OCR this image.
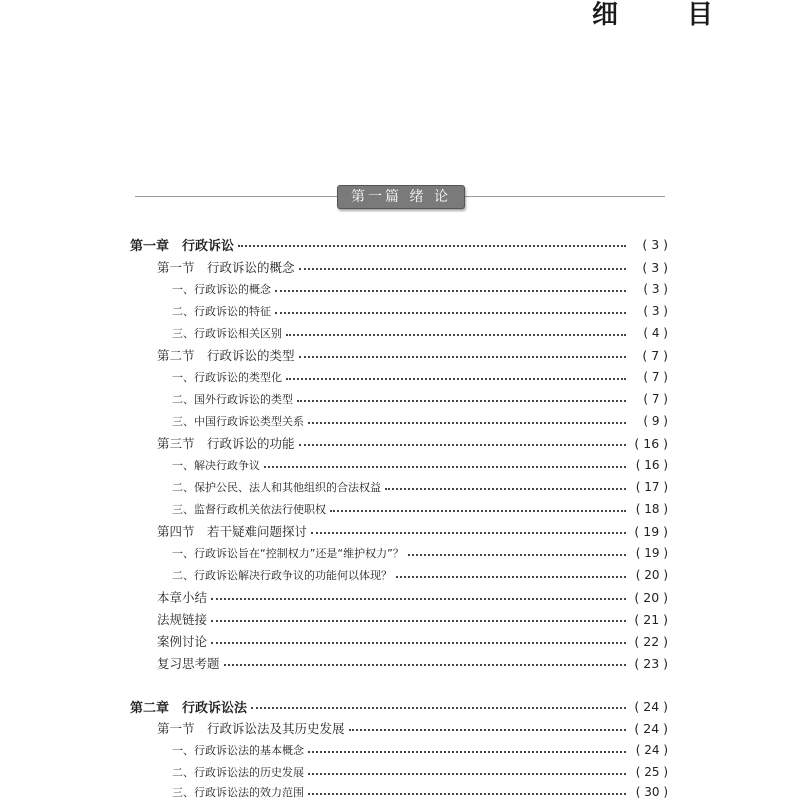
细 目
第一篇 绪 论
第一章　行政诉讼	( 3 )
第一节　行政诉讼的概念	( 3 )
一、行政诉讼的概念	( 3 )
二、行政诉讼的特征	( 3 )
三、行政诉讼相关区别	( 4 )
第二节　行政诉讼的类型	( 7 )
一、行政诉讼的类型化	( 7 )
二、国外行政诉讼的类型	( 7 )
三、中国行政诉讼类型关系	( 9 )
第三节　行政诉讼的功能	( 16 )
一、解决行政争议	( 16 )
二、保护公民、法人和其他组织的合法权益	( 17 )
三、监督行政机关依法行使职权	( 18 )
第四节　若干疑难问题探讨	( 19 )
一、行政诉讼旨在“控制权力”还是“维护权力”？	( 19 )
二、行政诉讼解决行政争议的功能何以体现？	( 20 )
本章小结	( 20 )
法规链接	( 21 )
案例讨论	( 22 )
复习思考题	( 23 )
第二章　行政诉讼法	( 24 )
第一节　行政诉讼法及其历史发展	( 24 )
一、行政诉讼法的基本概念	( 24 )
二、行政诉讼法的历史发展	( 25 )
三、行政诉讼法的效力范围	( 30 )
